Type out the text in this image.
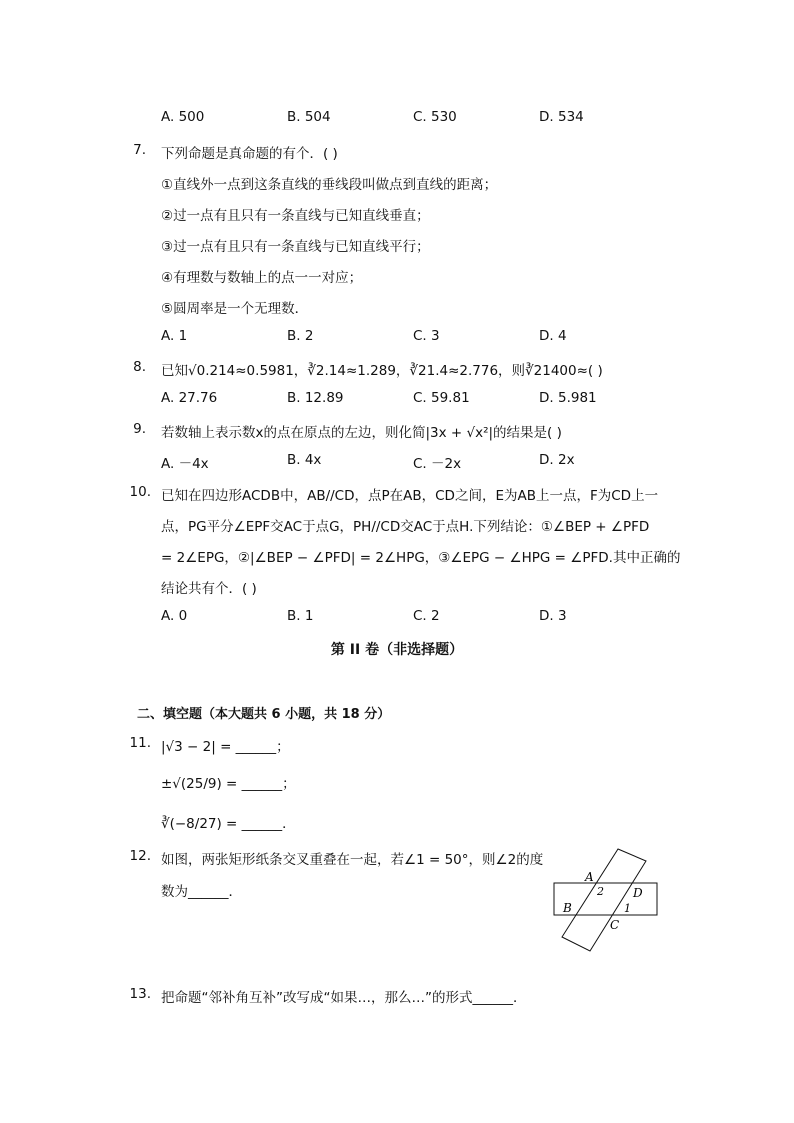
A. 500	B. 504	C. 530	D. 534
7. 下列命题是真命题的有个．( )
①直线外一点到这条直线的垂线段叫做点到直线的距离；
②过一点有且只有一条直线与已知直线垂直；
③过一点有且只有一条直线与已知直线平行；
④有理数与数轴上的点一一对应；
⑤圆周率是一个无理数．
A. 1	B. 2	C. 3	D. 4
8. 已知√0.214≈0.5981，∛2.14≈1.289，∛21.4≈2.776，则∛21400≈( )
A. 27.76	B. 12.89	C. 59.81	D. 5.981
9. 若数轴上表示数x的点在原点的左边，则化简|3x + √x²|的结果是( )
A. －4x	B. 4x	C. －2x	D. 2x
10. 已知在四边形ACDB中，AB//CD，点P在AB，CD之间，E为AB上一点，F为CD上一
点，PG平分∠EPF交AC于点G，PH//CD交AC于点H.下列结论：①∠BEP + ∠PFD
= 2∠EPG，②|∠BEP − ∠PFD| = 2∠HPG，③∠EPG − ∠HPG = ∠PFD.其中正确的
结论共有个．( )
A. 0	B. 1	C. 2	D. 3
第 II 卷（非选择题）
二、填空题（本大题共 6 小题，共 18 分）
11. |√3 − 2| = ______；
±√(25/9) = ______；
∛(−8/27) = ______．
12. 如图，两张矩形纸条交叉重叠在一起，若∠1 = 50°，则∠2的度
数为______．
A
B
C
D
1
2
13. 把命题“邻补角互补”改写成“如果…，那么…”的形式______．
